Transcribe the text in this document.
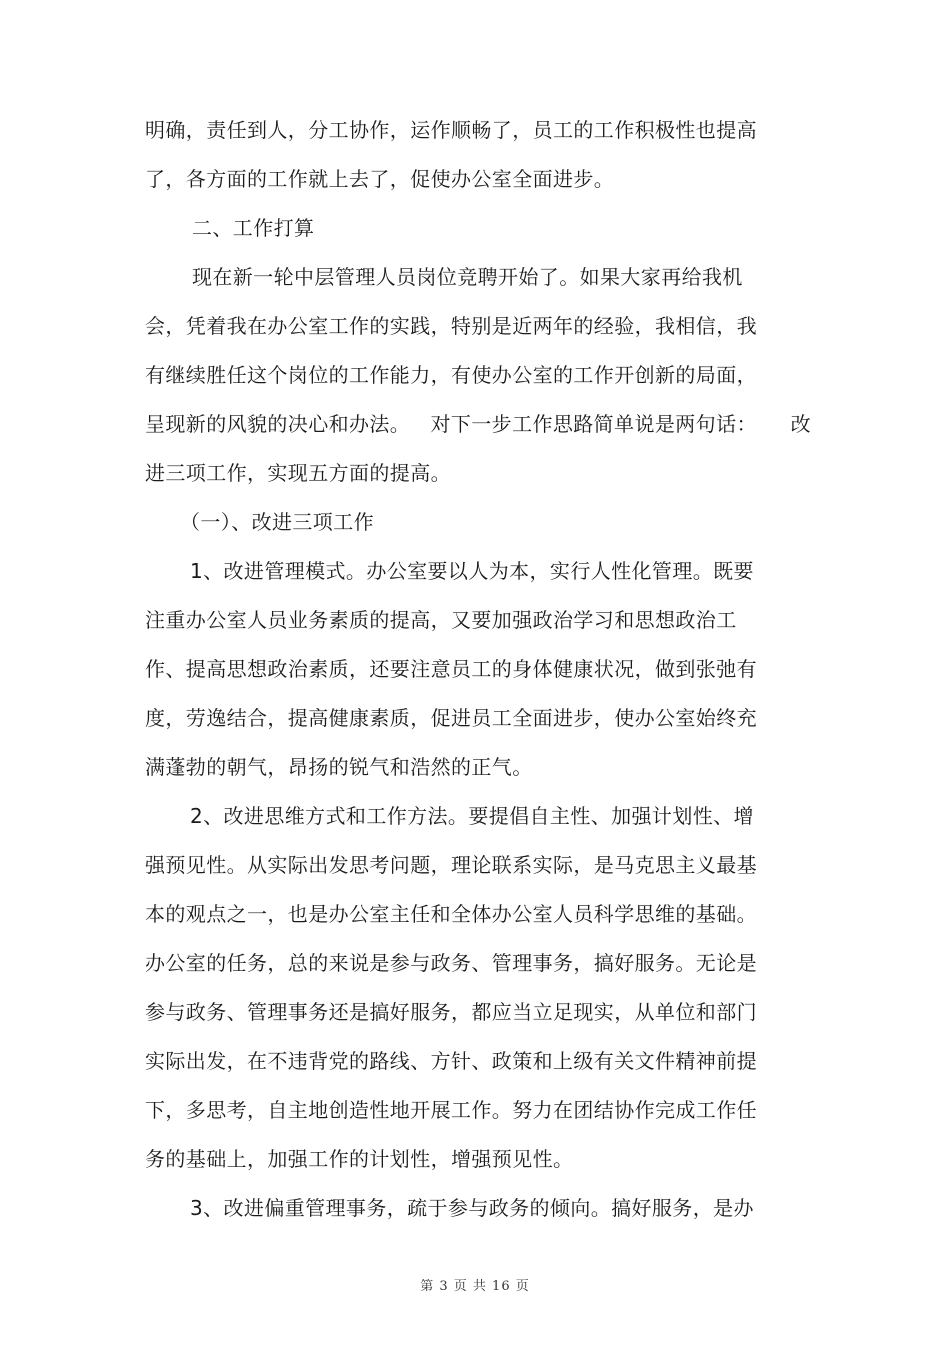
明确，责任到人，分工协作，运作顺畅了，员工的工作积极性也提高
了，各方面的工作就上去了，促使办公室全面进步。
二、工作打算
现在新一轮中层管理人员岗位竞聘开始了。如果大家再给我机
会，凭着我在办公室工作的实践，特别是近两年的经验，我相信，我
有继续胜任这个岗位的工作能力，有使办公室的工作开创新的局面，
呈现新的风貌的决心和办法。   对下一步工作思路简单说是两句话：     改
进三项工作，实现五方面的提高。
（一）、改进三项工作
1、改进管理模式。办公室要以人为本，实行人性化管理。既要
注重办公室人员业务素质的提高，又要加强政治学习和思想政治工
作、提高思想政治素质，还要注意员工的身体健康状况，做到张弛有
度，劳逸结合，提高健康素质，促进员工全面进步，使办公室始终充
满蓬勃的朝气，昂扬的锐气和浩然的正气。
2、改进思维方式和工作方法。要提倡自主性、加强计划性、增
强预见性。从实际出发思考问题，理论联系实际，是马克思主义最基
本的观点之一，也是办公室主任和全体办公室人员科学思维的基础。
办公室的任务，总的来说是参与政务、管理事务，搞好服务。无论是
参与政务、管理事务还是搞好服务，都应当立足现实，从单位和部门
实际出发，在不违背党的路线、方针、政策和上级有关文件精神前提
下，多思考，自主地创造性地开展工作。努力在团结协作完成工作任
务的基础上，加强工作的计划性，增强预见性。
3、改进偏重管理事务，疏于参与政务的倾向。搞好服务，是办
第 3 页 共 16 页
